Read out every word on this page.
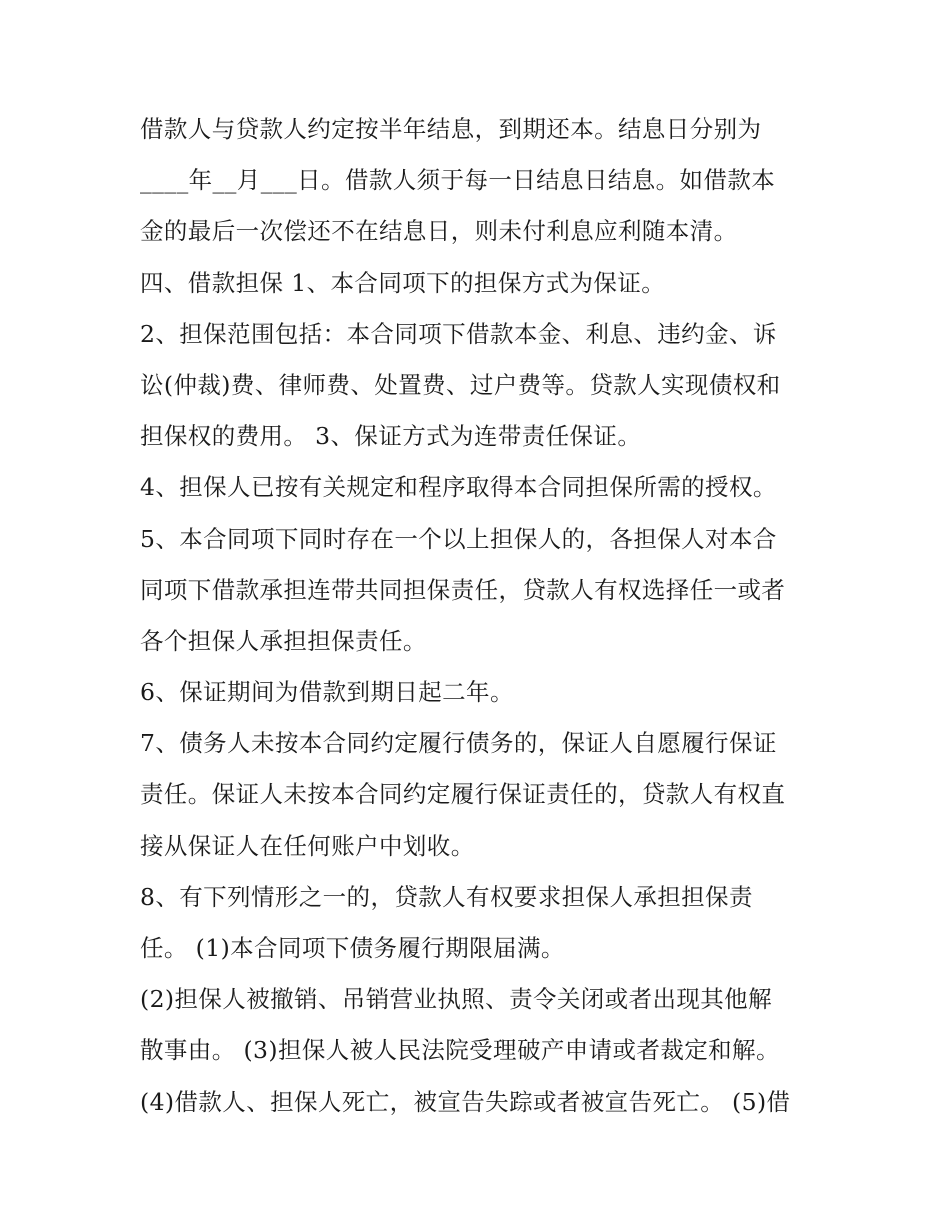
借款人与贷款人约定按半年结息，到期还本。结息日分别为
____年__月___日。借款人须于每一日结息日结息。如借款本
金的最后一次偿还不在结息日，则未付利息应利随本清。
四、借款担保 1、本合同项下的担保方式为保证。
2、担保范围包括：本合同项下借款本金、利息、违约金、诉
讼(仲裁)费、律师费、处置费、过户费等。贷款人实现债权和
担保权的费用。 3、保证方式为连带责任保证。
4、担保人已按有关规定和程序取得本合同担保所需的授权。
5、本合同项下同时存在一个以上担保人的，各担保人对本合
同项下借款承担连带共同担保责任，贷款人有权选择任一或者
各个担保人承担担保责任。
6、保证期间为借款到期日起二年。
7、债务人未按本合同约定履行债务的，保证人自愿履行保证
责任。保证人未按本合同约定履行保证责任的，贷款人有权直
接从保证人在任何账户中划收。
8、有下列情形之一的，贷款人有权要求担保人承担担保责
任。 (1)本合同项下债务履行期限届满。
(2)担保人被撤销、吊销营业执照、责令关闭或者出现其他解
散事由。 (3)担保人被人民法院受理破产申请或者裁定和解。
(4)借款人、担保人死亡，被宣告失踪或者被宣告死亡。 (5)借
